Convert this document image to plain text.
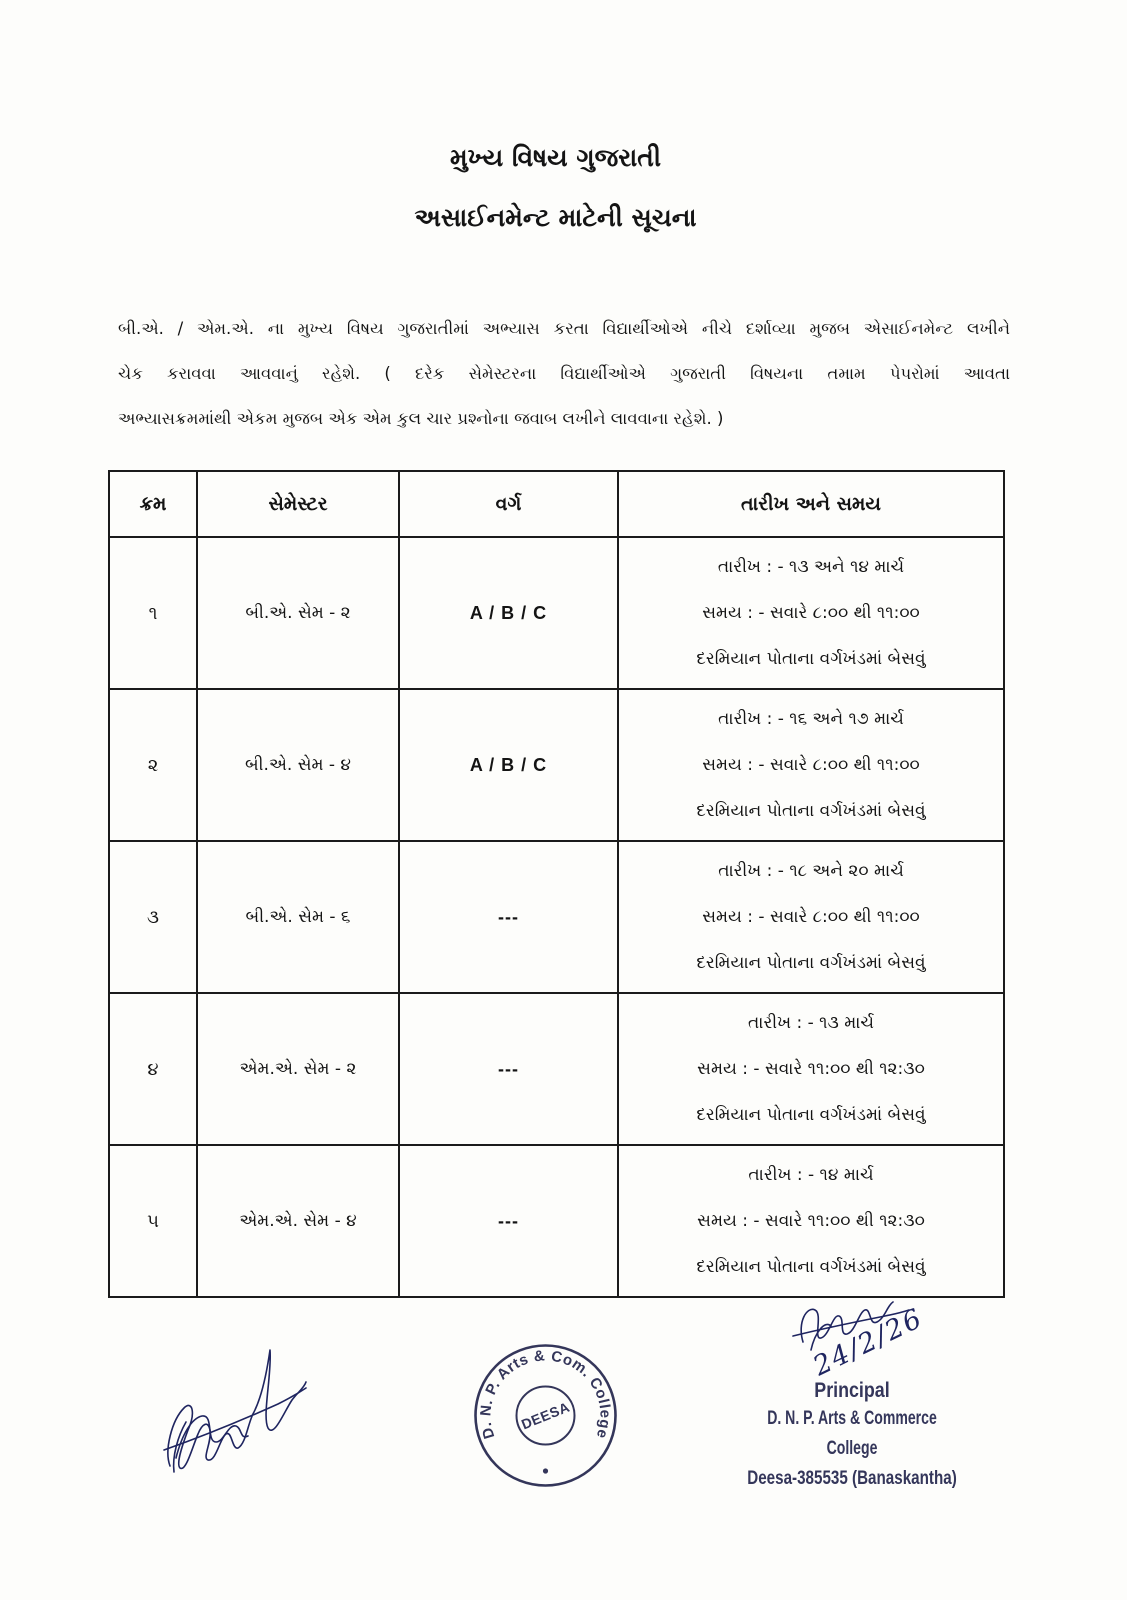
મુખ્ય વિષય ગુજરાતી
અસાઈનમેન્ટ માટેની સૂચના
બી.એ. / એમ.એ. ના મુખ્ય વિષય ગુજરાતીમાં અભ્યાસ કરતા વિદ્યાર્થીઓએ નીચે દર્શાવ્યા મુજબ એસાઈનમેન્ટ લખીને
ચેક કરાવવા આવવાનું રહેશે. ( દરેક સેમેસ્ટરના વિદ્યાર્થીઓએ ગુજરાતી વિષયના તમામ પેપરોમાં આવતા
અભ્યાસક્રમમાંથી એકમ મુજબ એક એમ કુલ ચાર પ્રશ્નોના જવાબ લખીને લાવવાના રહેશે. )
ક્રમ	સેમેસ્ટર	વર્ગ	તારીખ અને સમય
૧	બી.એ. સેમ - ૨	A / B / C	તારીખ : - ૧૩ અને ૧૪ માર્ચ
સમય : - સવારે ૮:૦૦ થી ૧૧:૦૦
દરમિયાન પોતાના વર્ગખંડમાં બેસવું

૨	બી.એ. સેમ - ૪	A / B / C	તારીખ : - ૧૬ અને ૧૭ માર્ચ
સમય : - સવારે ૮:૦૦ થી ૧૧:૦૦
દરમિયાન પોતાના વર્ગખંડમાં બેસવું

૩	બી.એ. સેમ - ૬	---	તારીખ : - ૧૮ અને ૨૦ માર્ચ
સમય : - સવારે ૮:૦૦ થી ૧૧:૦૦
દરમિયાન પોતાના વર્ગખંડમાં બેસવું

૪	એમ.એ. સેમ - ૨	---	તારીખ : - ૧૩ માર્ચ
સમય : - સવારે ૧૧:૦૦ થી ૧૨:૩૦
દરમિયાન પોતાના વર્ગખંડમાં બેસવું

૫	એમ.એ. સેમ - ૪	---	તારીખ : - ૧૪ માર્ચ
સમય : - સવારે ૧૧:૦૦ થી ૧૨:૩૦
દરમિયાન પોતાના વર્ગખંડમાં બેસવું
D. N. P. Arts & Com. College
DEESA
24/2/26
Principal
D. N. P. Arts & Commerce College
Deesa-385535 (Banaskantha)
